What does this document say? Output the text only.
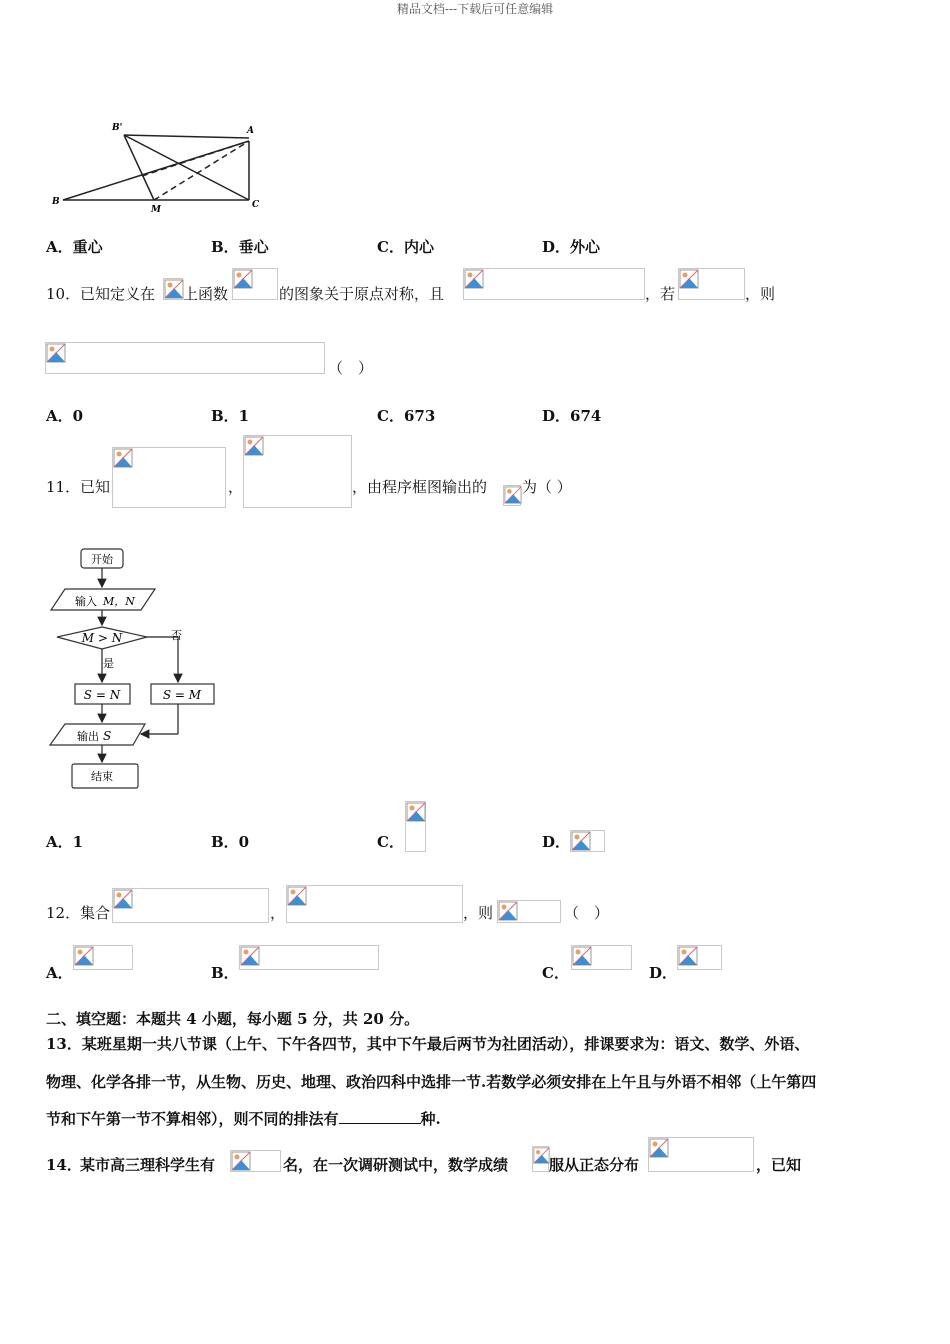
精品文档---下载后可任意编辑
B'	A
B
M	C
A．重心	B．垂心	C．内心	D．外心
10． 已知定义在 上函数	的图象关于原点对称，且	，若	，则
（　）
A．0	B．1	C．673	D．674
11． 已知	，	，由程序框图输出的 为（ ）
开始
输入 M，N
M > N	否
是
S = N	S = M
输出 S
结束
A．1	B．0	C．	D．
12． 集合	，	，则	（　）
A．	B．	C．	D．
二、填空题：本题共 4 小题，每小题 5 分，共 20 分。
13．某班星期一共八节课（上午、下午各四节，其中下午最后两节为社团活动），排课要求为：语文、数学、外语、
物理、化学各排一节，从生物、历史、地理、政治四科中选排一节.若数学必须安排在上午且与外语不相邻（上午第四
节和下午第一节不算相邻），则不同的排法有	种.
14．
某市高三理科学生有	名，在一次调研测试中，数学成绩	服从正态分布	，已知
